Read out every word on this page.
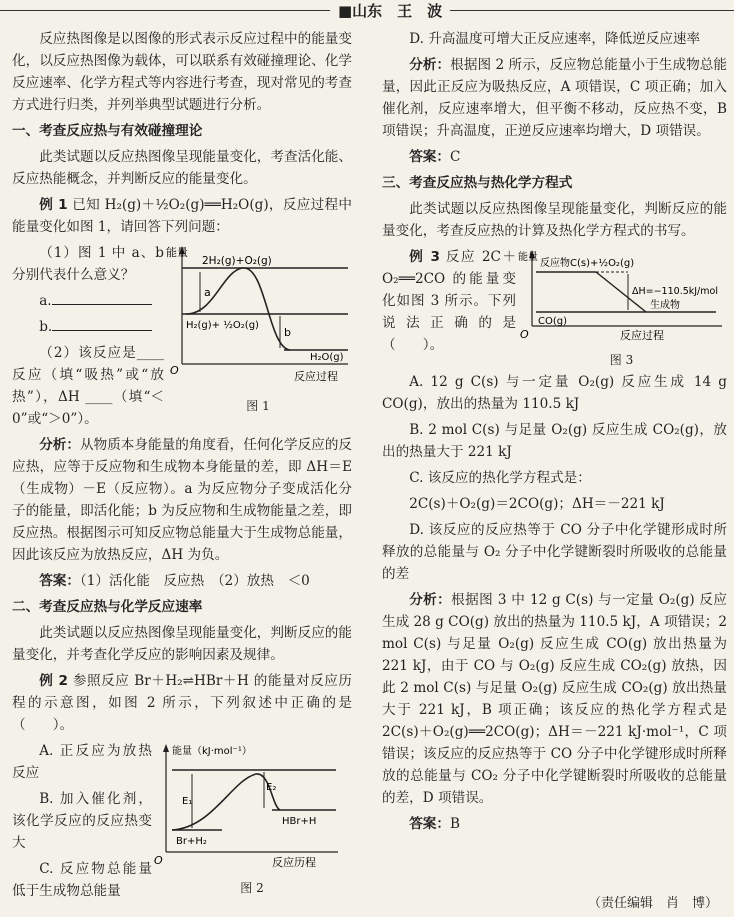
■山东　王　波

反应热图像是以图像的形式表示反应过程中的能量变化，以反应热图像为载体，可以联系有效碰撞理论、化学反应速率、化学方程式等内容进行考查，现对常见的考查方式进行归类，并列举典型试题进行分析。

一、考查反应热与有效碰撞理论

此类试题以反应热图像呈现能量变化，考查活化能、反应热能概念，并判断反应的能量变化。

例 1 已知 H₂(g)＋½O₂(g)══H₂O(g)，反应过程中能量变化如图 1，请回答下列问题：

（1）图 1 中 a、b 分别代表什么意义？

a.

b.

（2）该反应是____反应（填“吸热”或“放热”），ΔH ____（填“＜0”或“＞0”）。

能量
O	反应过程
2H₂(g)+O₂(g)
H₂(g)+ ½O₂(g)
H₂O(g)
a
b
图 1

分析：从物质本身能量的角度看，任何化学反应的反应热，应等于反应物和生成物本身能量的差，即 ΔH＝E（生成物）－E（反应物）。a 为反应物分子变成活化分子的能量，即活化能；b 为反应物和生成物能量之差，即反应热。根据图示可知反应物总能量大于生成物总能量，因此该反应为放热反应，ΔH 为负。

答案：（1）活化能　反应热　（2）放热　＜0

二、考查反应热与化学反应速率

此类试题以反应热图像呈现能量变化，判断反应的能量变化，并考查化学反应的影响因素及规律。

例 2 参照反应 Br＋H₂⇌HBr＋H 的能量对反应历程的示意图，如图 2 所示，下列叙述中正确的是（　　）。

A. 正反应为放热反应

B. 加入催化剂，该化学反应的反应热变大

C. 反应物总能量低于生成物总能量

能量（kJ·mol⁻¹）
O	反应历程
E₁
E₂
Br+H₂
HBr+H
图 2

D. 升高温度可增大正反应速率，降低逆反应速率

分析：根据图 2 所示，反应物总能量小于生成物总能量，因此正反应为吸热反应，A 项错误，C 项正确；加入催化剂，反应速率增大，但平衡不移动，反应热不变，B 项错误；升高温度，正逆反应速率均增大，D 项错误。

答案：C

三、考查反应热与热化学方程式

此类试题以反应热图像呈现能量变化，判断反应的能量变化，考查反应热的计算及热化学方程式的书写。

例 3 反应 2C＋O₂══2CO 的能量变化如图 3 所示。下列说法正确的是（　　）。

能量
O	反应过程
反应物C(s)+½O₂(g)
ΔH=−110.5kJ/mol
CO(g)
生成物
图 3

A. 12 g C(s) 与一定量 O₂(g) 反应生成 14 g CO(g)，放出的热量为 110.5 kJ

B. 2 mol C(s) 与足量 O₂(g) 反应生成 CO₂(g)，放出的热量大于 221 kJ

C. 该反应的热化学方程式是：

2C(s)＋O₂(g)＝2CO(g)；ΔH＝－221 kJ

D. 该反应的反应热等于 CO 分子中化学键形成时所释放的总能量与 O₂ 分子中化学键断裂时所吸收的总能量的差

分析：根据图 3 中 12 g C(s) 与一定量 O₂(g) 反应生成 28 g CO(g) 放出的热量为 110.5 kJ，A 项错误；2 mol C(s) 与足量 O₂(g) 反应生成 CO(g) 放出热量为 221 kJ，由于 CO 与 O₂(g) 反应生成 CO₂(g) 放热，因此 2 mol C(s) 与足量 O₂(g) 反应生成 CO₂(g) 放出热量大于 221 kJ，B 项正确；该反应的热化学方程式是 2C(s)＋O₂(g)══2CO(g)；ΔH＝－221 kJ·mol⁻¹，C 项错误；该反应的反应热等于 CO 分子中化学键形成时所释放的总能量与 CO₂ 分子中化学键断裂时所吸收的总能量的差，D 项错误。

答案：B

（责任编辑　肖　博）
